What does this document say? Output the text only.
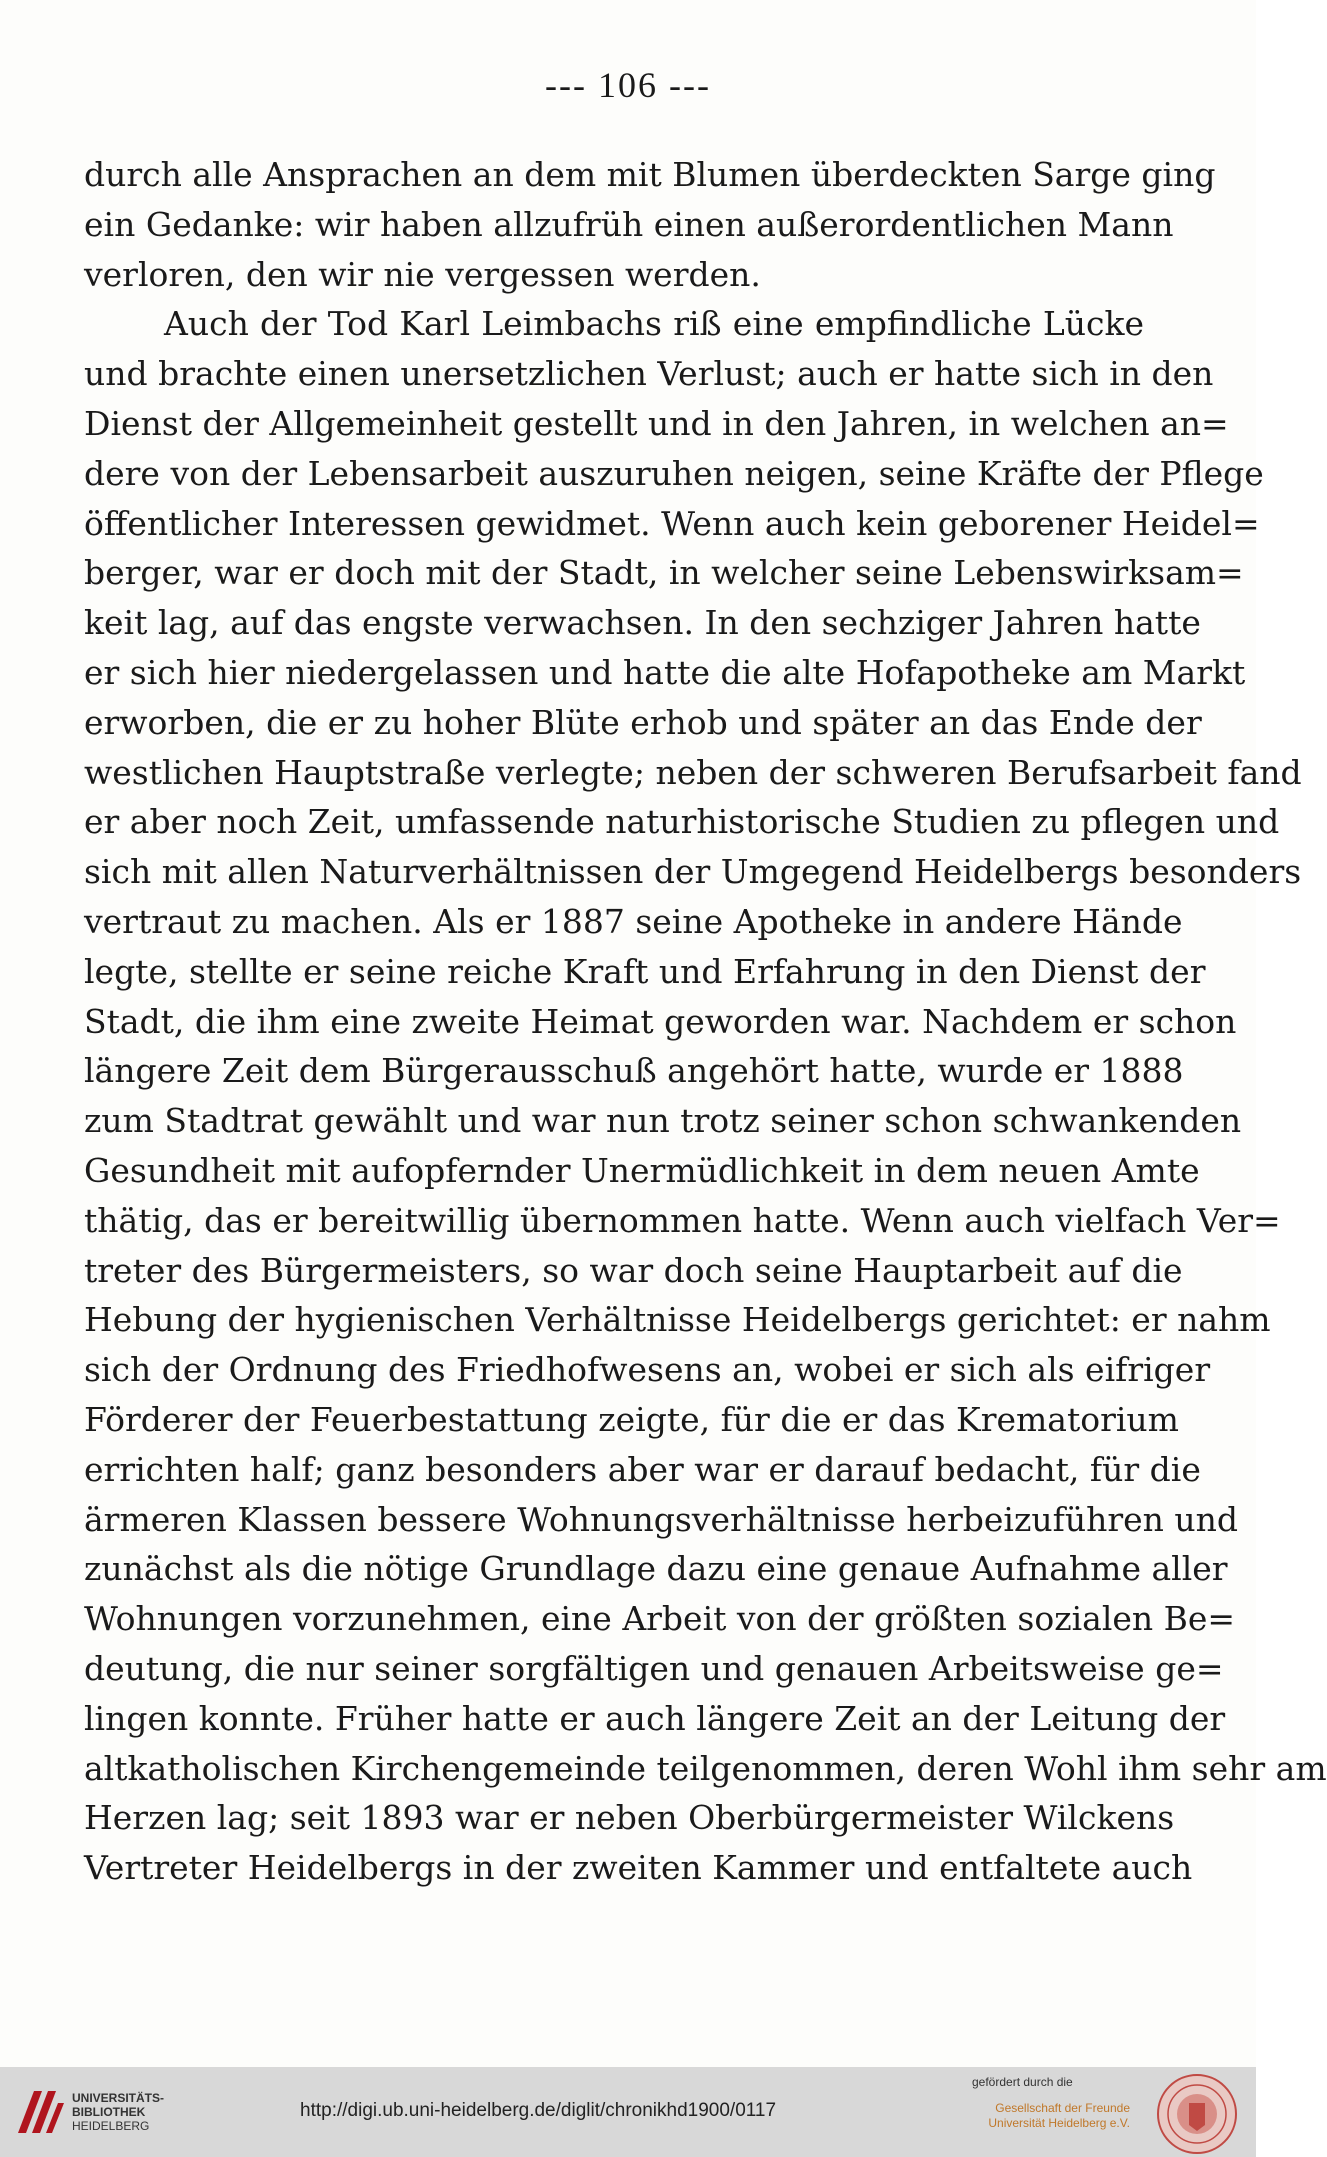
--- 106 ---
durch alle Ansprachen an dem mit Blumen überdeckten Sarge ging
ein Gedanke: wir haben allzufrüh einen außerordentlichen Mann
verloren, den wir nie vergessen werden.
Auch der Tod Karl Leimbachs riß eine empfindliche Lücke
und brachte einen unersetzlichen Verlust; auch er hatte sich in den
Dienst der Allgemeinheit gestellt und in den Jahren, in welchen an=
dere von der Lebensarbeit auszuruhen neigen, seine Kräfte der Pflege
öffentlicher Interessen gewidmet. Wenn auch kein geborener Heidel=
berger, war er doch mit der Stadt, in welcher seine Lebenswirksam=
keit lag, auf das engste verwachsen. In den sechziger Jahren hatte
er sich hier niedergelassen und hatte die alte Hofapotheke am Markt
erworben, die er zu hoher Blüte erhob und später an das Ende der
westlichen Hauptstraße verlegte; neben der schweren Berufsarbeit fand
er aber noch Zeit, umfassende naturhistorische Studien zu pflegen und
sich mit allen Naturverhältnissen der Umgegend Heidelbergs besonders
vertraut zu machen. Als er 1887 seine Apotheke in andere Hände
legte, stellte er seine reiche Kraft und Erfahrung in den Dienst der
Stadt, die ihm eine zweite Heimat geworden war. Nachdem er schon
längere Zeit dem Bürgerausschuß angehört hatte, wurde er 1888
zum Stadtrat gewählt und war nun trotz seiner schon schwankenden
Gesundheit mit aufopfernder Unermüdlichkeit in dem neuen Amte
thätig, das er bereitwillig übernommen hatte. Wenn auch vielfach Ver=
treter des Bürgermeisters, so war doch seine Hauptarbeit auf die
Hebung der hygienischen Verhältnisse Heidelbergs gerichtet: er nahm
sich der Ordnung des Friedhofwesens an, wobei er sich als eifriger
Förderer der Feuerbestattung zeigte, für die er das Krematorium
errichten half; ganz besonders aber war er darauf bedacht, für die
ärmeren Klassen bessere Wohnungsverhältnisse herbeizuführen und
zunächst als die nötige Grundlage dazu eine genaue Aufnahme aller
Wohnungen vorzunehmen, eine Arbeit von der größten sozialen Be=
deutung, die nur seiner sorgfältigen und genauen Arbeitsweise ge=
lingen konnte. Früher hatte er auch längere Zeit an der Leitung der
altkatholischen Kirchengemeinde teilgenommen, deren Wohl ihm sehr am
Herzen lag; seit 1893 war er neben Oberbürgermeister Wilckens
Vertreter Heidelbergs in der zweiten Kammer und entfaltete auch
UNIVERSITÄTS-
BIBLIOTHEK
HEIDELBERG
http://digi.ub.uni-heidelberg.de/diglit/chronikhd1900/0117
gefördert durch die
Gesellschaft der Freunde
Universität Heidelberg e.V.
